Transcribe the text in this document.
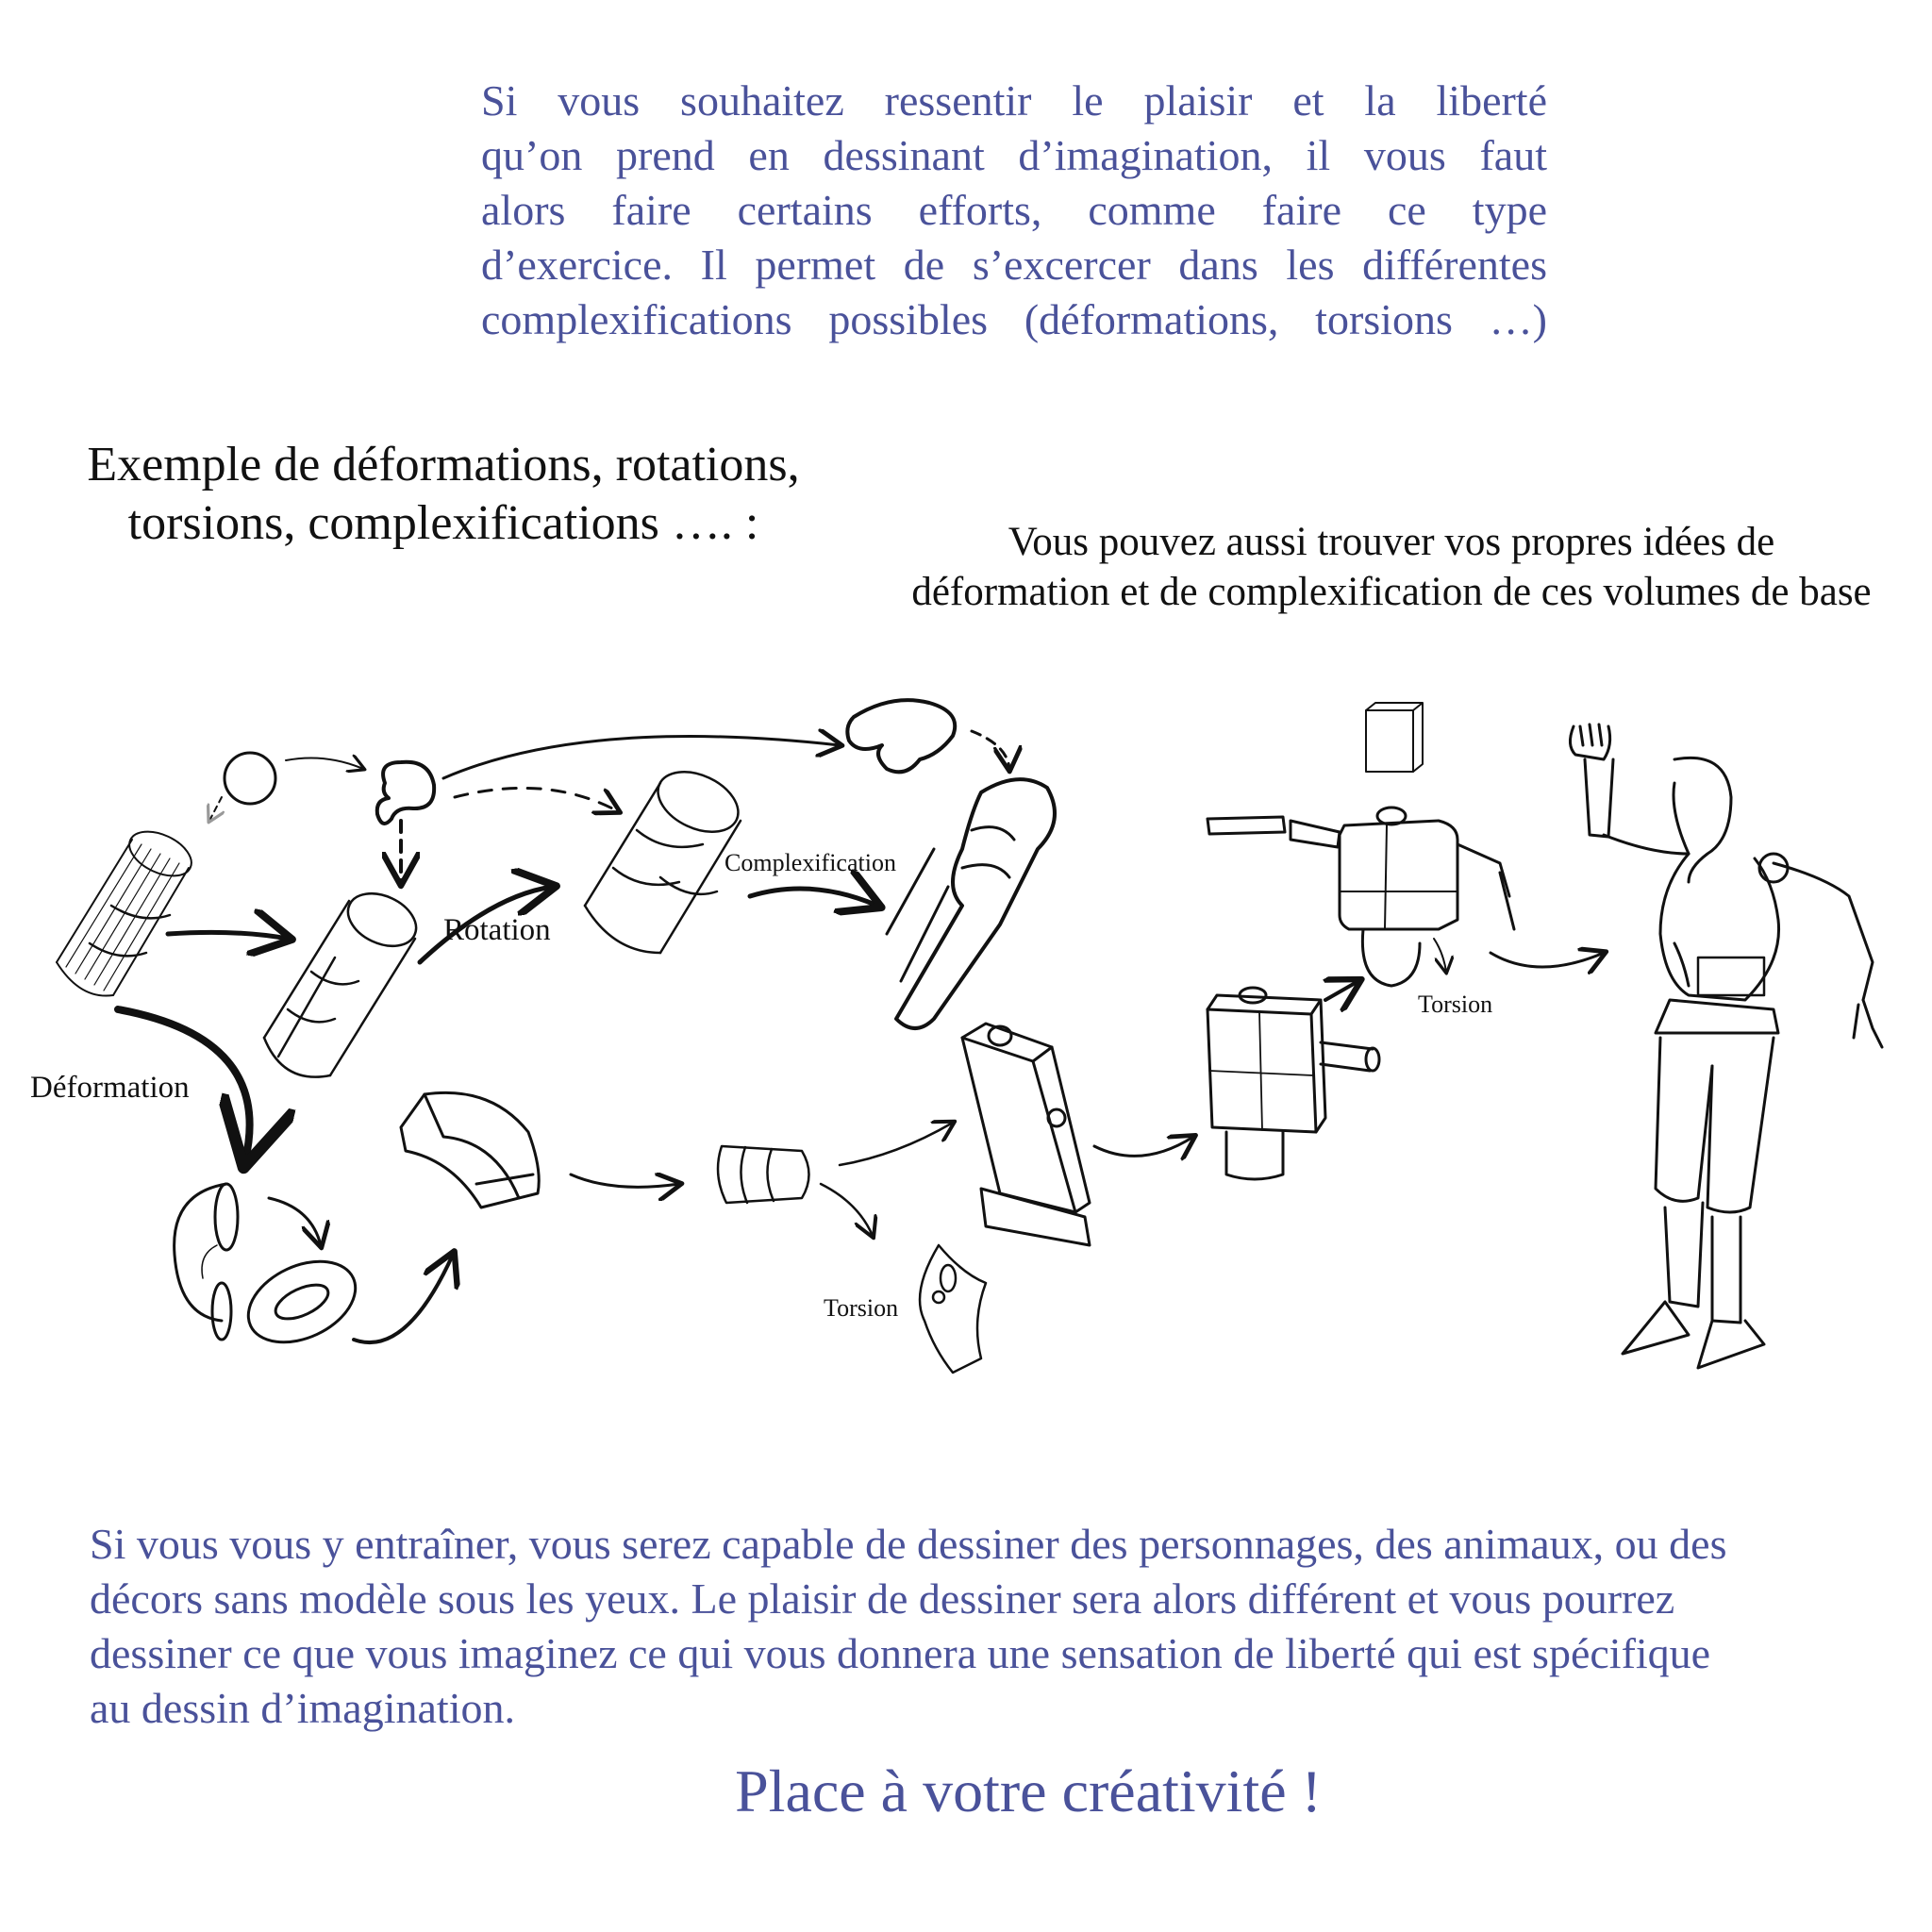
Si vous souhaitez ressentir le plaisir et la liberté
qu’on prend en dessinant d’imagination, il vous faut
alors faire certains efforts, comme faire ce type
d’exercice. Il permet de s’excercer dans les différentes
complexifications possibles (déformations, torsions …)
Exemple de déformations, rotations,
torsions, complexifications …. :	Vous pouvez aussi trouver vos propres idées de
déformation et de complexification de ces volumes de base
Rotation
Complexification
Déformation
Torsion
Torsion
Si vous vous y entraîner, vous serez capable de dessiner des personnages, des animaux, ou des
décors sans modèle sous les yeux. Le plaisir de dessiner sera alors différent et vous pourrez
dessiner ce que vous imaginez ce qui vous donnera une sensation de liberté qui est spécifique
au dessin d’imagination.
Place à votre créativité !
